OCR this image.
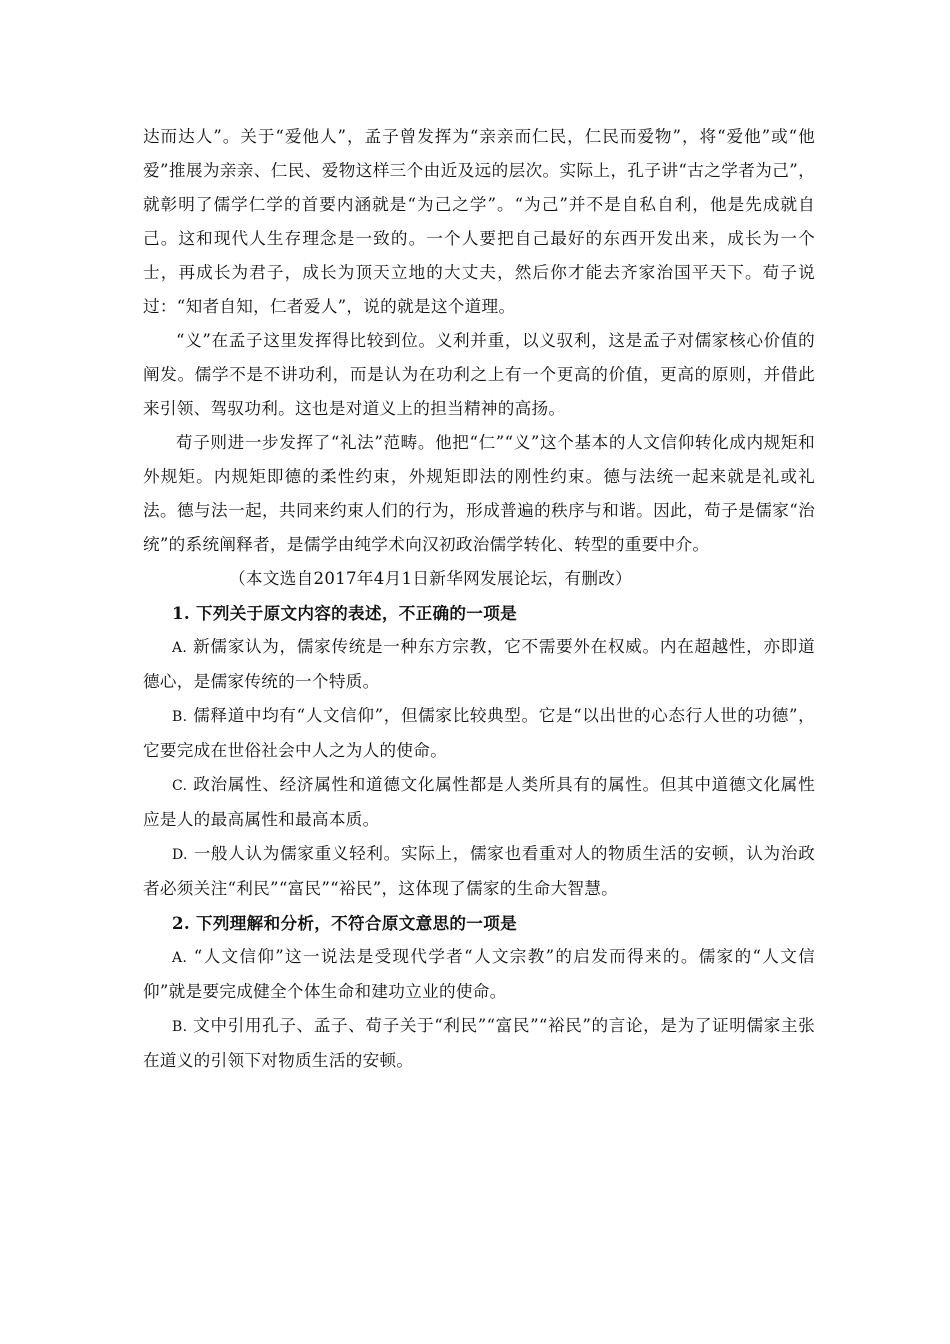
达而达人”。关于“爱他人”，孟子曾发挥为“亲亲而仁民，仁民而爱物”，将“爱他”或“他爱”推展为亲亲、仁民、爱物这样三个由近及远的层次。实际上，孔子讲“古之学者为己”，就彰明了儒学仁学的首要内涵就是“为己之学”。“为己”并不是自私自利，他是先成就自己。这和现代人生存理念是一致的。一个人要把自己最好的东西开发出来，成长为一个士，再成长为君子，成长为顶天立地的大丈夫，然后你才能去齐家治国平天下。荀子说过：“知者自知，仁者爱人”，说的就是这个道理。

“义”在孟子这里发挥得比较到位。义利并重，以义驭利，这是孟子对儒家核心价值的阐发。儒学不是不讲功利，而是认为在功利之上有一个更高的价值，更高的原则，并借此来引领、驾驭功利。这也是对道义上的担当精神的高扬。

荀子则进一步发挥了“礼法”范畴。他把“仁”“义”这个基本的人文信仰转化成内规矩和外规矩。内规矩即德的柔性约束，外规矩即法的刚性约束。德与法统一起来就是礼或礼法。德与法一起，共同来约束人们的行为，形成普遍的秩序与和谐。因此，荀子是儒家“治统”的系统阐释者，是儒学由纯学术向汉初政治儒学转化、转型的重要中介。

（本文选自2017年4月1日新华网发展论坛，有删改）

1. 下列关于原文内容的表述，不正确的一项是

A. 新儒家认为，儒家传统是一种东方宗教，它不需要外在权威。内在超越性，亦即道德心，是儒家传统的一个特质。

B. 儒释道中均有“人文信仰”，但儒家比较典型。它是“以出世的心态行人世的功德”，它要完成在世俗社会中人之为人的使命。

C. 政治属性、经济属性和道德文化属性都是人类所具有的属性。但其中道德文化属性应是人的最高属性和最高本质。

D. 一般人认为儒家重义轻利。实际上，儒家也看重对人的物质生活的安顿，认为治政者必须关注“利民”“富民”“裕民”，这体现了儒家的生命大智慧。

2. 下列理解和分析，不符合原文意思的一项是

A. “人文信仰”这一说法是受现代学者“人文宗教”的启发而得来的。儒家的“人文信仰”就是要完成健全个体生命和建功立业的使命。

B. 文中引用孔子、孟子、荀子关于“利民”“富民”“裕民”的言论，是为了证明儒家主张在道义的引领下对物质生活的安顿。
